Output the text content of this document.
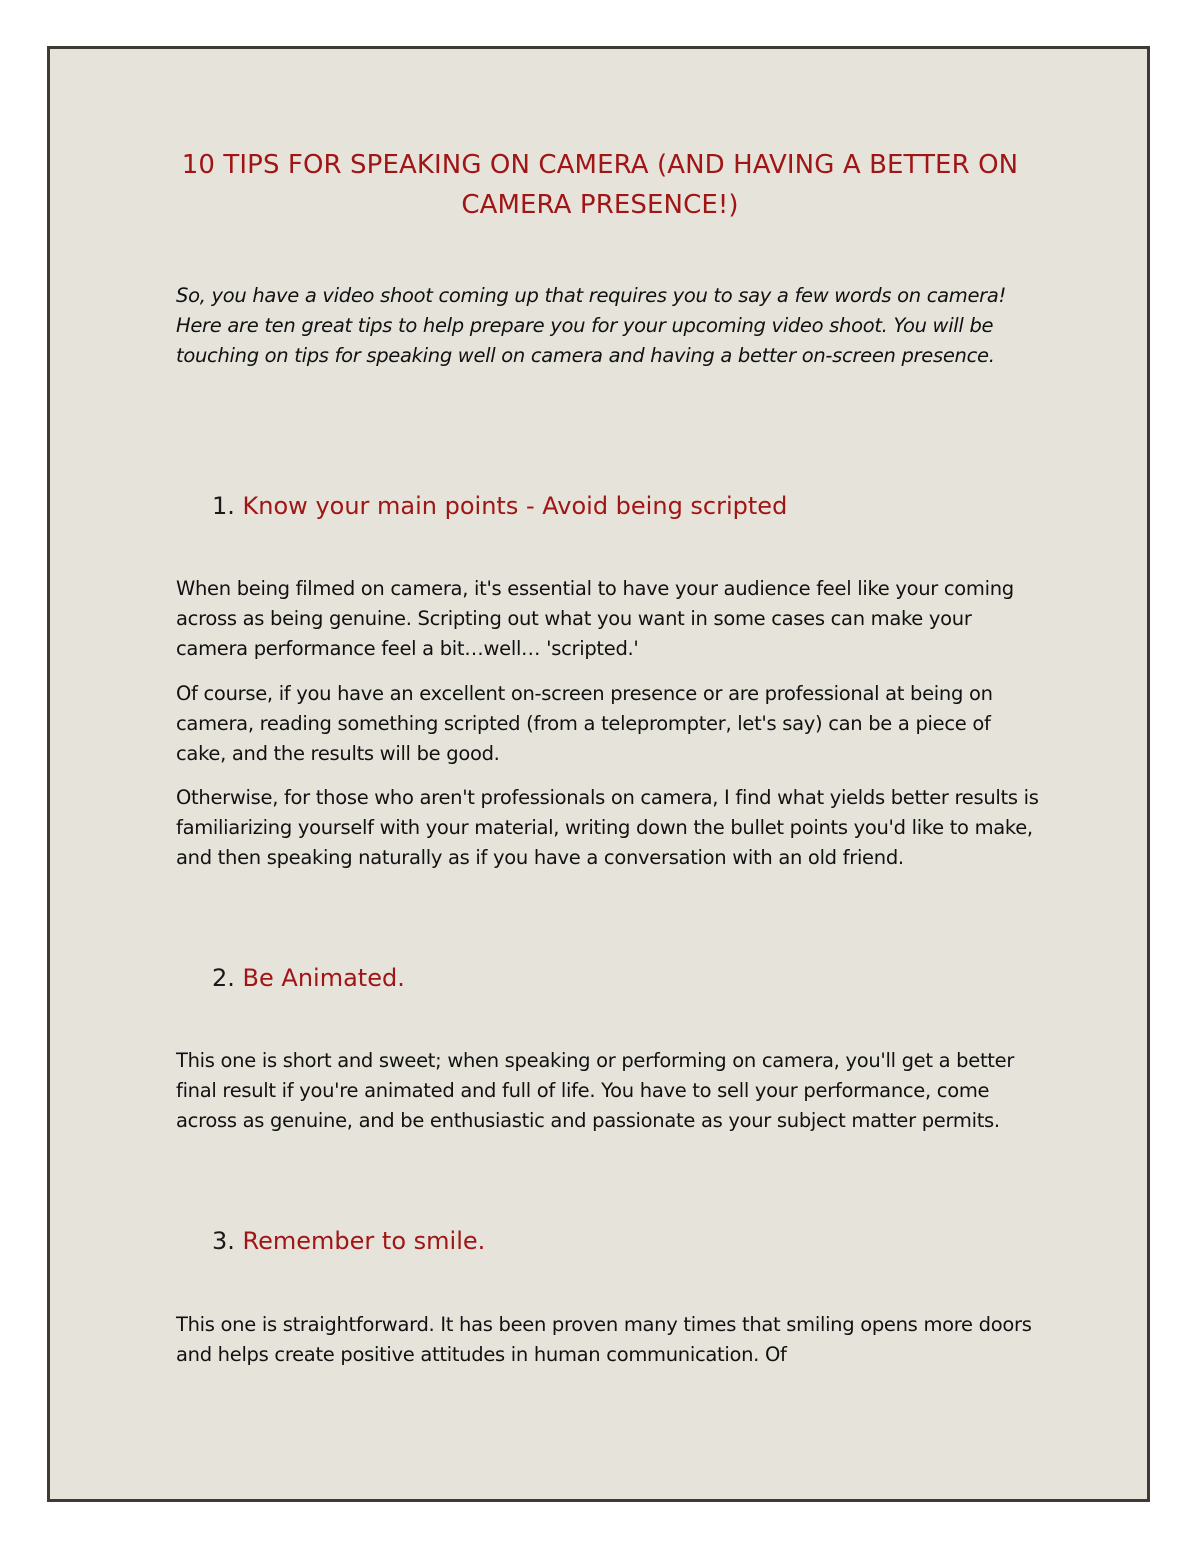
10 TIPS FOR SPEAKING ON CAMERA (AND HAVING A BETTER ON CAMERA PRESENCE!)

So, you have a video shoot coming up that requires you to say a few words on camera! Here are ten great tips to help prepare you for your upcoming video shoot. You will be touching on tips for speaking well on camera and having a better on-screen presence.

1. Know your main points - Avoid being scripted

When being filmed on camera, it's essential to have your audience feel like your coming across as being genuine. Scripting out what you want in some cases can make your camera performance feel a bit…well… 'scripted.'

Of course, if you have an excellent on-screen presence or are professional at being on camera, reading something scripted (from a teleprompter, let's say) can be a piece of cake, and the results will be good.

Otherwise, for those who aren't professionals on camera, I find what yields better results is familiarizing yourself with your material, writing down the bullet points you'd like to make, and then speaking naturally as if you have a conversation with an old friend.

2. Be Animated.

This one is short and sweet; when speaking or performing on camera, you'll get a better final result if you're animated and full of life. You have to sell your performance, come across as genuine, and be enthusiastic and passionate as your subject matter permits.

3. Remember to smile.

This one is straightforward. It has been proven many times that smiling opens more doors and helps create positive attitudes in human communication. Of
